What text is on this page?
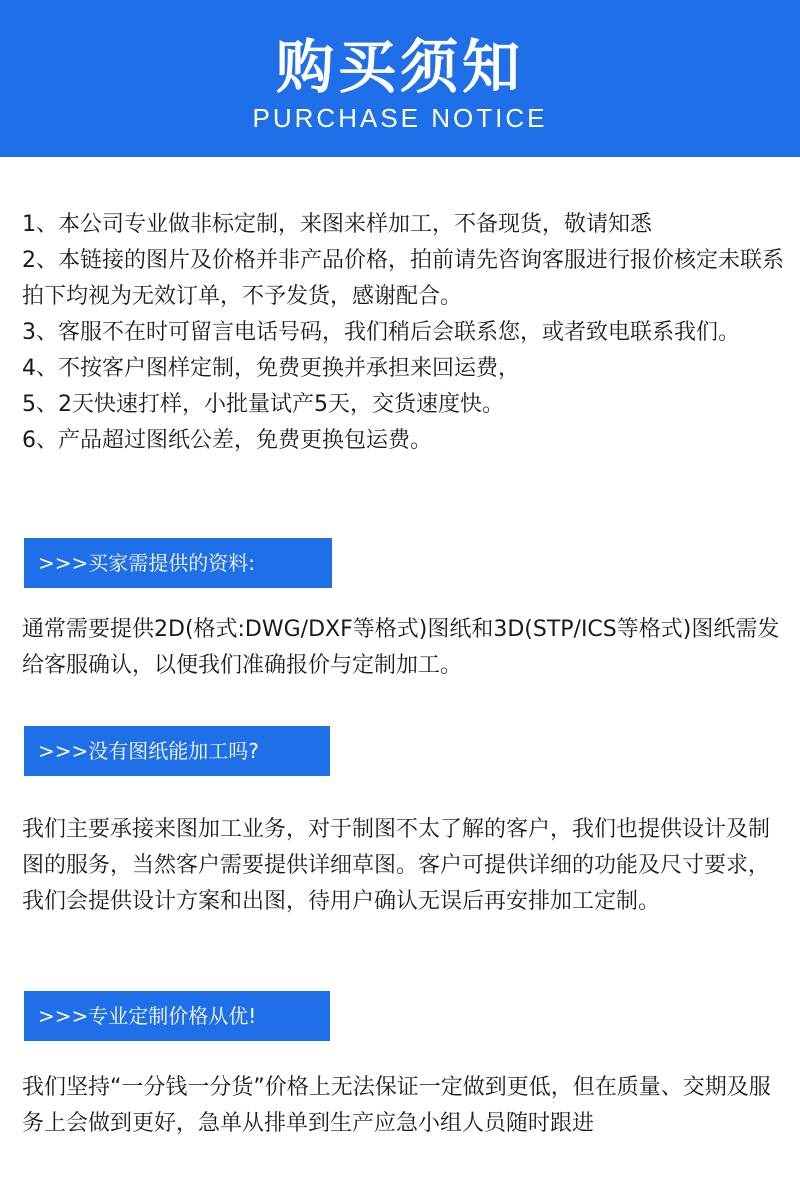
购买须知
PURCHASE NOTICE

1、本公司专业做非标定制，来图来样加工，不备现货，敬请知悉

2、本链接的图片及价格并非产品价格，拍前请先咨询客服进行报价核定未联系拍下均视为无效订单，不予发货，感谢配合。

3、客服不在时可留言电话号码，我们稍后会联系您，或者致电联系我们。

4、不按客户图样定制，免费更换并承担来回运费，

5、2天快速打样，小批量试产5天，交货速度快。

6、产品超过图纸公差，免费更换包运费。

>>>买家需提供的资料:

通常需要提供2D(格式:DWG/DXF等格式)图纸和3D(STP/ICS等格式)图纸需发给客服确认，以便我们准确报价与定制加工。

>>>没有图纸能加工吗?

我们主要承接来图加工业务，对于制图不太了解的客户，我们也提供设计及制图的服务，当然客户需要提供详细草图。客户可提供详细的功能及尺寸要求，我们会提供设计方案和出图，待用户确认无误后再安排加工定制。

>>>专业定制价格从优!

我们坚持“一分钱一分货”价格上无法保证一定做到更低，但在质量、交期及服务上会做到更好，急单从排单到生产应急小组人员随时跟进
